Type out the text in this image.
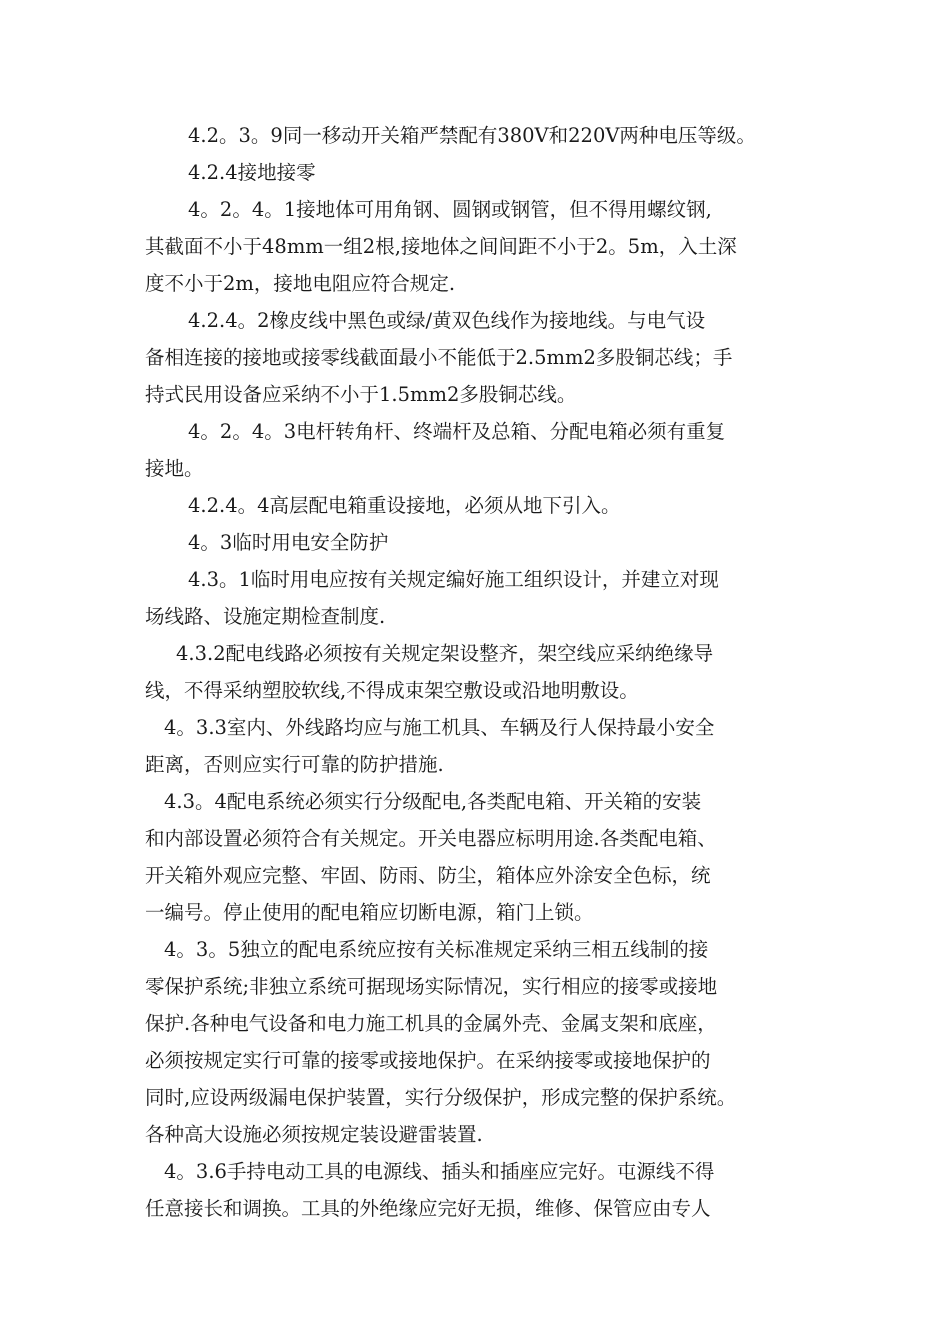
4.2。3。9同一移动开关箱严禁配有380V和220V两种电压等级。
4.2.4接地接零
4。2。4。1接地体可用角钢、圆钢或钢管，但不得用螺纹钢,
其截面不小于48mm一组2根,接地体之间间距不小于2。5m，入土深
度不小于2m，接地电阻应符合规定.
4.2.4。2橡皮线中黑色或绿/黄双色线作为接地线。与电气设
备相连接的接地或接零线截面最小不能低于2.5mm2多股铜芯线；手
持式民用设备应采纳不小于1.5mm2多股铜芯线。
4。2。4。3电杆转角杆、终端杆及总箱、分配电箱必须有重复
接地。
4.2.4。4高层配电箱重设接地，必须从地下引入。
4。3临时用电安全防护
4.3。1临时用电应按有关规定编好施工组织设计，并建立对现
场线路、设施定期检查制度.
4.3.2配电线路必须按有关规定架设整齐，架空线应采纳绝缘导
线，不得采纳塑胶软线,不得成束架空敷设或沿地明敷设。
4。3.3室内、外线路均应与施工机具、车辆及行人保持最小安全
距离，否则应实行可靠的防护措施.
4.3。4配电系统必须实行分级配电,各类配电箱、开关箱的安装
和内部设置必须符合有关规定。开关电器应标明用途.各类配电箱、
开关箱外观应完整、牢固、防雨、防尘，箱体应外涂安全色标，统
一编号。停止使用的配电箱应切断电源，箱门上锁。
4。3。5独立的配电系统应按有关标准规定采纳三相五线制的接
零保护系统;非独立系统可据现场实际情况，实行相应的接零或接地
保护.各种电气设备和电力施工机具的金属外壳、金属支架和底座，
必须按规定实行可靠的接零或接地保护。在采纳接零或接地保护的
同时,应设两级漏电保护装置，实行分级保护，形成完整的保护系统。
各种高大设施必须按规定装设避雷装置.
4。3.6手持电动工具的电源线、插头和插座应完好。屯源线不得
任意接长和调换。工具的外绝缘应完好无损，维修、保管应由专人
